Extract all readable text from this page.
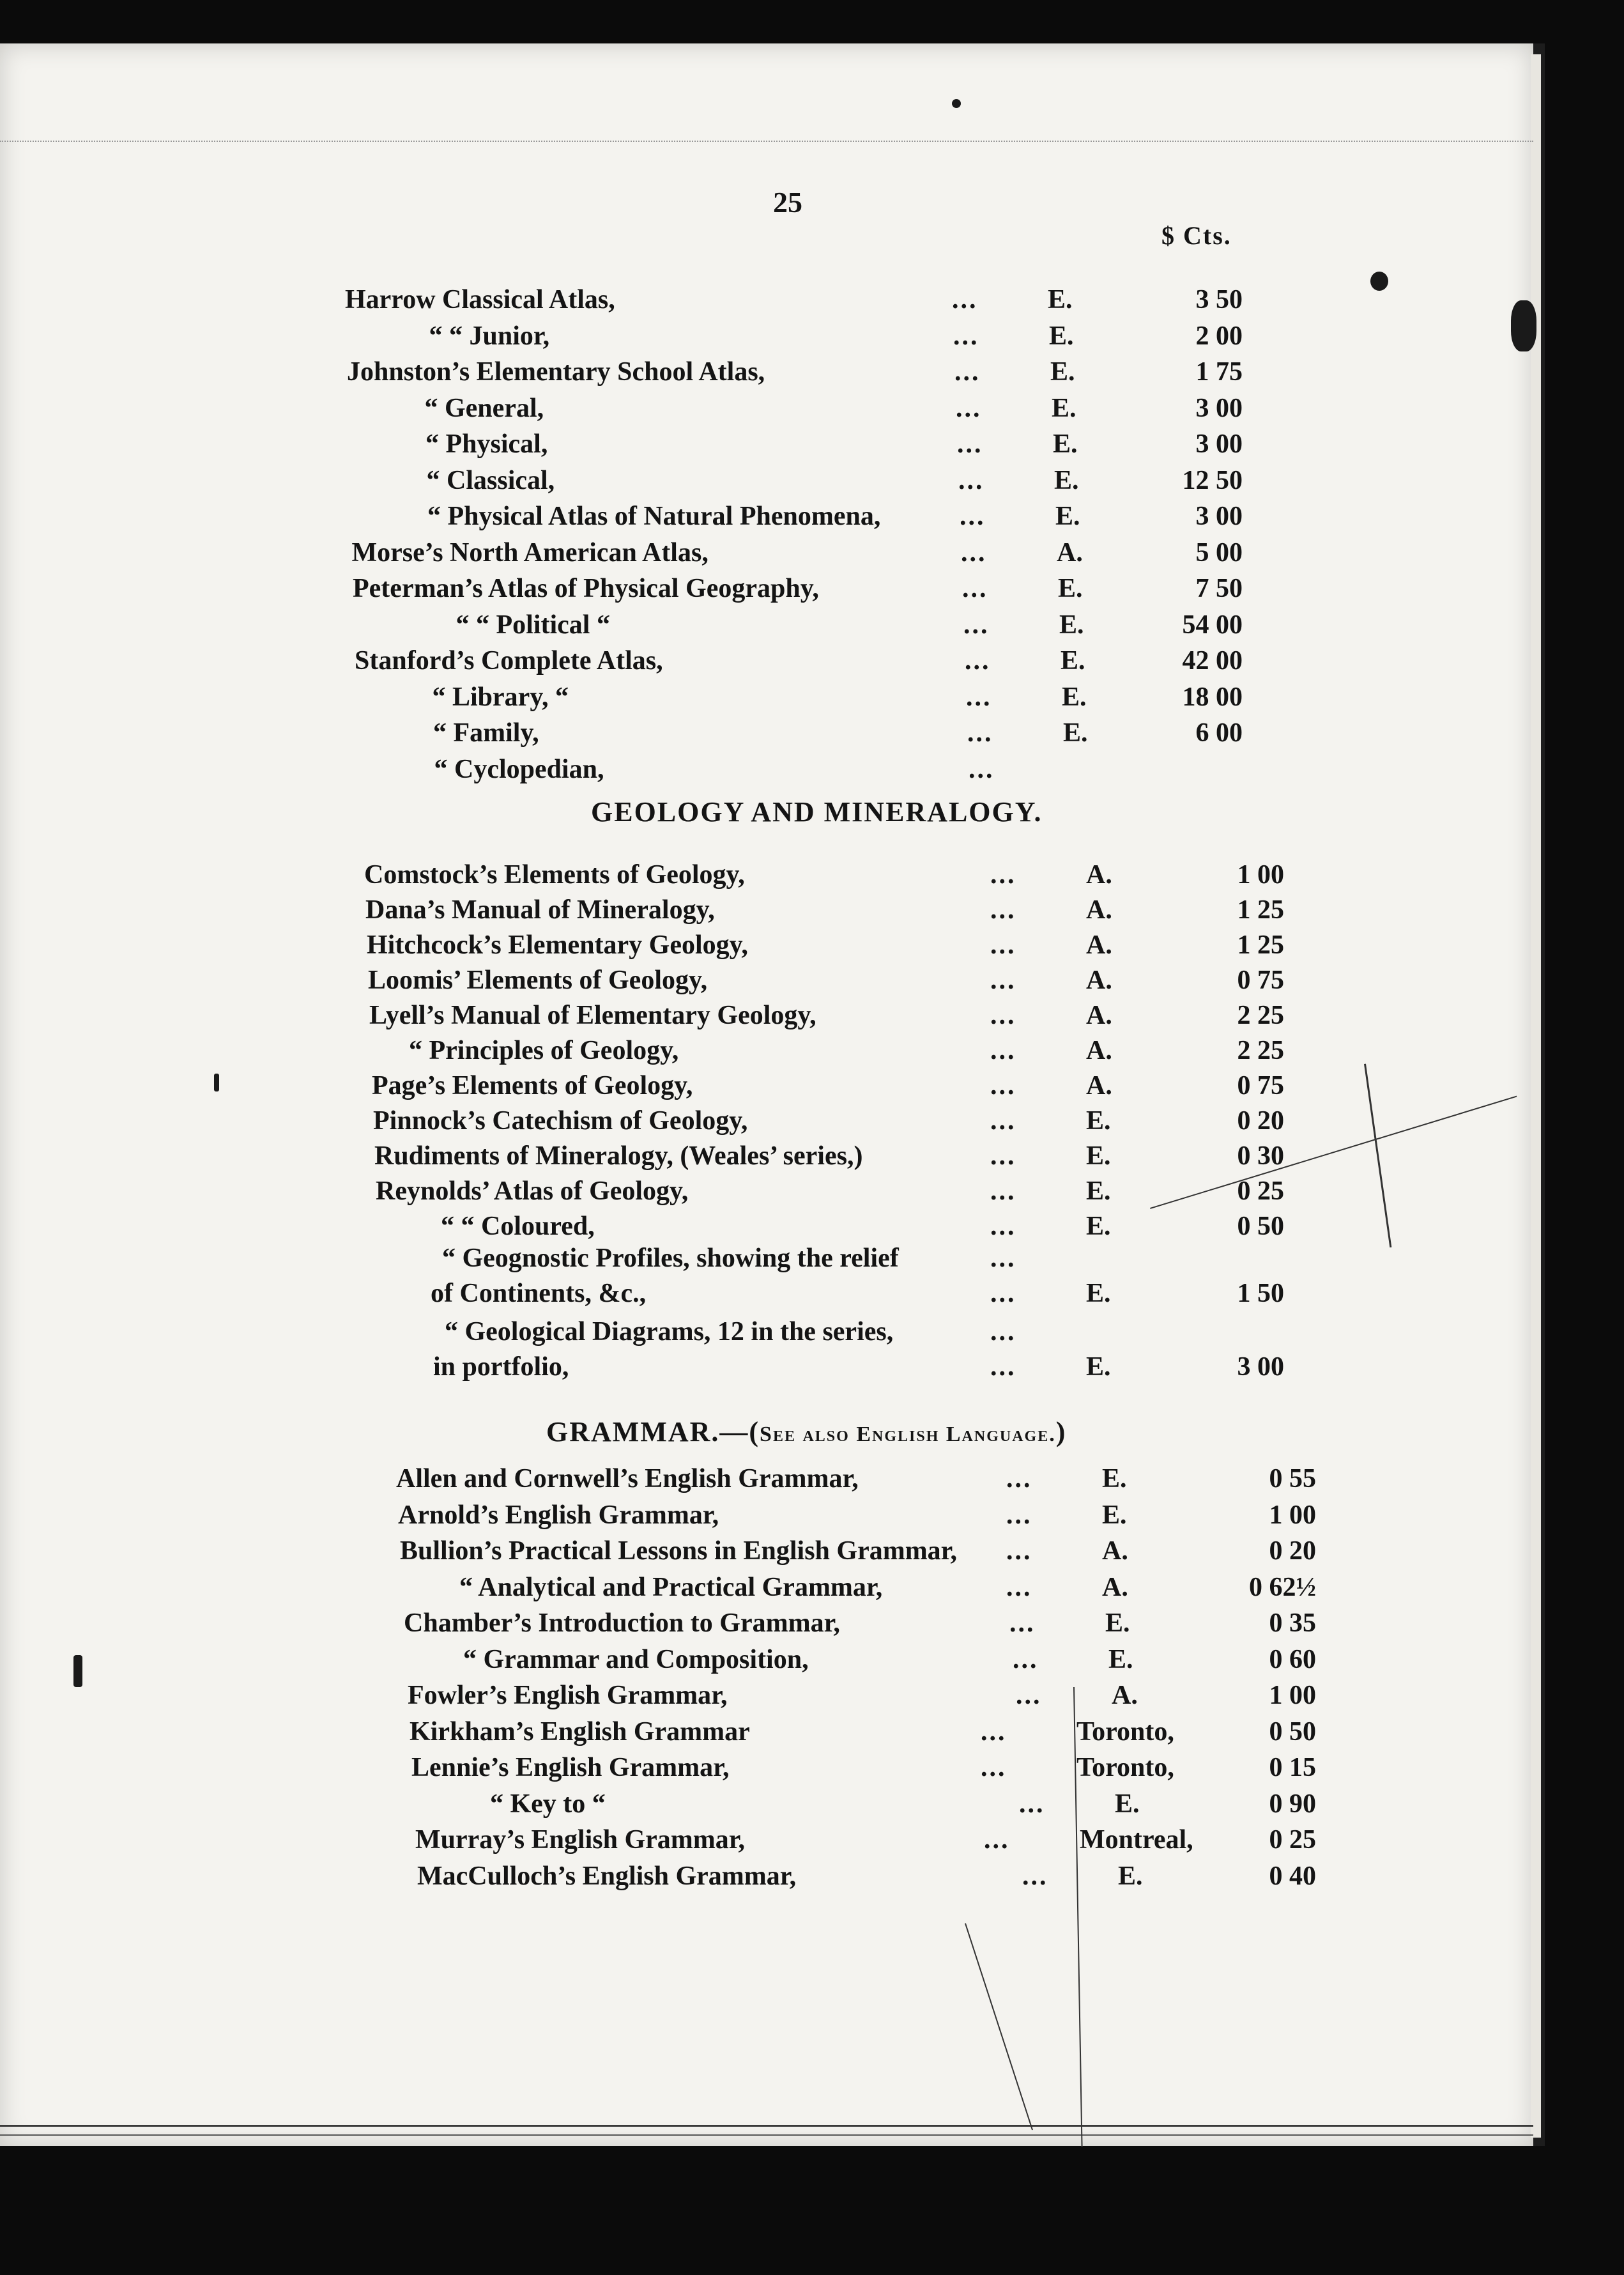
25
$ Cts.
Harrow Classical Atlas,	...	E.	3 50
“ “ Junior,	...	E.	2 00
Johnston’s Elementary School Atlas,	...	E.	1 75
“ General,	...	E.	3 00
“ Physical,	...	E.	3 00
“ Classical,	...	E.	12 50
“ Physical Atlas of Natural Phenomena,	...	E.	3 00
Morse’s North American Atlas,	...	A.	5 00
Peterman’s Atlas of Physical Geography,	...	E.	7 50
“ “ Political “	...	E.	54 00
Stanford’s Complete Atlas,	...	E.	42 00
“ Library, “	...	E.	18 00
“ Family,	...	E.	6 00
“ Cyclopedian,	...
Comstock’s Elements of Geology,	...	A.	1 00
Dana’s Manual of Mineralogy,	...	A.	1 25
Hitchcock’s Elementary Geology,	...	A.	1 25
Loomis’ Elements of Geology,	...	A.	0 75
Lyell’s Manual of Elementary Geology,	...	A.	2 25
“ Principles of Geology,	...	A.	2 25
Page’s Elements of Geology,	...	A.	0 75
Pinnock’s Catechism of Geology,	...	E.	0 20
Rudiments of Mineralogy, (Weales’ series,)	...	E.	0 30
Reynolds’ Atlas of Geology,	...	E.	0 25
“ “ Coloured,	...	E.	0 50
“ Geognostic Profiles, showing the relief	...
of Continents, &c.,	...	E.	1 50
“ Geological Diagrams, 12 in the series,	...
in portfolio,	...	E.	3 00
Allen and Cornwell’s English Grammar,	...	E.	0 55
Arnold’s English Grammar,	...	E.	1 00
Bullion’s Practical Lessons in English Grammar, ...	A.	0 20
“ Analytical and Practical Grammar,	...	A.	0 62½
Chamber’s Introduction to Grammar,	...	E.	0 35
“ Grammar and Composition,	...	E.	0 60
Fowler’s English Grammar,	...	A.	1 00
Kirkham’s English Grammar	...	Toronto,	0 50
Lennie’s English Grammar,	...	Toronto,	0 15
“ Key to “	...	E.	0 90
Murray’s English Grammar,	...	Montreal,	0 25
MacCulloch’s English Grammar,	...	E.	0 40
GEOLOGY AND MINERALOGY.
GRAMMAR.—(See also English Language.)
